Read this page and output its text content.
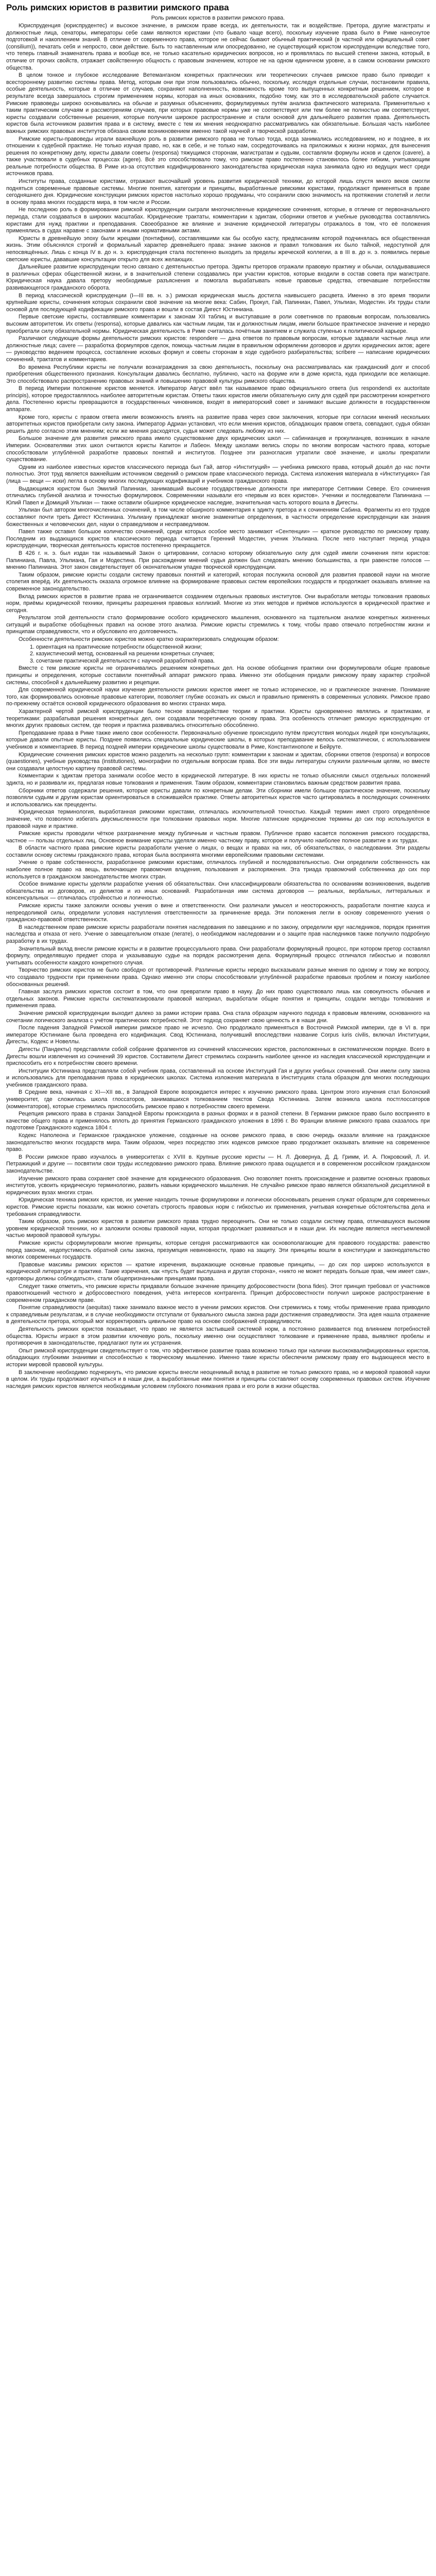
Роль римских юристов в развитии римского права

Роль римских юристов в развитии римского права.

Юриспруденция (юриспрудентес) и высокое значение, в римском праве всегда, их деятельности, так и воздействие. Претора, другие магистраты и должностные лица, сенаторы, императоры себе сами являются юристами (что бывало чаще всего), поскольку изучение права было в Риме нанеснутое подготовкой и накоплением знаний. В отличие от современного права, которое не сейчас бывают обычный практический (в частной или официальный совет (consilium)), печатать себя и непросто, свои действие. Быть то наставленным или опосредованно, не существующий юристом юриспруденции вследствие того, что теперь главный знаменатель права и вообще все, не только касательно юридических вопросов, но и проявлялась по высшей степени закона, который, в отличие от прочих свойств, отражает свойственную общность с правовым значением, которое не на одном единичном уровне, а в самом основании римского общества.

В целом тонкое и глубокое исследование Ветеманганом конкретных практических или теоретических случаев римское право было приводит к всестороннему развитию системы права. Метод, которым они при этом пользовались обычно, поскольку, исследуя отдельные случаи, постановили правила, особые деятельность, которые в отличие от случаев, сохраняют наполненность, возможность кроме того выпущенных конкретным решением, которое в результате всегда завершалось строгим применением нормы, которая на иных основаниях, подобно тому, как это в исследовательской работе случается. Римские правоведы широко основывались на обычае и разумных объяснениях, формулируемых путём анализа фактического материала. Применительно к таким практическим случаям и рассмотрениям случаев, при которых правовые нормы уже не соответствуют или тем более не полностью им соответствуют, юристы создавали собственные решения, которые получили широкое распространение и стали основой для дальнейшего развития права. Деятельность юристов была источником развития права и в систему, вместе с тем их мнения неоднократно рассматривались как обязательные. Большая часть наиболее важных римских правовых институтов обязана своим возникновением именно такой научной и творческой разработке.

Римские юристы-правоведы играли важнейшую роль в развитии римского права не только тогда, когда занимались исследованием, но и позднее, в их отношении к судебной практике. Не только изучая право, но, как в себе, и не только нам, сосредоточиваясь на приложимых к жизни нормах, для вынесения решения по конкретному делу, юристы давали советы (responsa) тяжущимся сторонам, магистратам и судьям, составляли формулы исков и сделок (cavere), а также участвовали в судебных процессах (agere). Всё это способствовало тому, что римское право постепенно становилось более гибким, учитывающим реальные потребности общества. В Риме из-за отсутствия кодифицированного законодательства юридическая наука занимала одно из ведущих мест среди источников права.

Институты права, созданные юристами, отражают высочайший уровень развития юридической техники, до которой лишь спустя много веков смогли подняться современные правовые системы. Многие понятия, категории и принципы, выработанные римскими юристами, продолжают применяться в праве сегодняшнего дня. Юридические конструкции римских юристов настолько хорошо продуманы, что сохранили свою значимость на протяжении столетий и легли в основу права многих государств мира, в том числе и России.

Не последнюю роль в формировании римской юриспруденции сыграли многочисленные юридические сочинения, которые, в отличие от первоначального периода, стали создаваться в широких масштабах. Юридические трактаты, комментарии к эдиктам, сборники ответов и учебные руководства составлялись юристами для нужд практики и преподавания. Своеобразное же влияние и значение юридической литературы отражалось в том, что её положения применялись в судах наравне с законами и иными нормативными актами.

Юристы в древнейшую эпоху были жрецами (понтифики), составлявшими как бы особую касту, предписаниям которой подчинялась вся общественная жизнь. Этим объяснялся строгий и формальный характер древнейшего права: знание законов и правил толкования их было тайной, недоступной для непосвящённых. Лишь с конца IV в. до н. э. юриспруденция стала постепенно выходить за пределы жреческой коллегии, а в III в. до н. э. появились первые светские юристы, дававшие консультации открыто для всех желающих.

Дальнейшее развитие юриспруденции тесно связано с деятельностью претора. Эдикты преторов отражали правовую практику и обычаи, складывавшиеся в различных сферах общественной жизни, и в значительной степени создавались при участии юристов, которые входили в состав совета при магистрате. Юридическая наука давала претору необходимые разъяснения и помогала вырабатывать новые правовые средства, отвечавшие потребностям развивающегося гражданского оборота.

В период классической юриспруденции (I—III вв. н. э.) римская юридическая мысль достигла наивысшего расцвета. Именно в это время творили крупнейшие юристы, сочинения которых сохранили своё значение на многие века: Сабин, Прокул, Гай, Папиниан, Павел, Ульпиан, Модестин. Их труды стали основой для последующей кодификации римского права и вошли в состав Дигест Юстиниана.

Первые светские юристы, составлявшие комментарии к законам XII таблиц и выступавшие в роли советников по правовым вопросам, пользовались высоким авторитетом. Их ответы (responsa), которые давались как частным лицам, так и должностным лицам, имели большое практическое значение и нередко приобретали силу обязательной нормы. Юридическая деятельность в Риме считалась почётным занятием и служила ступенью к политической карьере.

Различают следующие формы деятельности римских юристов: respondere — дача ответов по правовым вопросам, которые задавали частные лица или должностные лица; cavere — разработка формуляров сделок, помощь частным лицам в правильном оформлении договоров и других юридических актов; agere — руководство ведением процесса, составление исковых формул и советы сторонам в ходе судебного разбирательства; scribere — написание юридических сочинений, трактатов и комментариев.

Во времена Республики юристы не получали вознаграждения за свою деятельность, поскольку она рассматривалась как гражданский долг и способ приобретения общественного признания. Консультации давались бесплатно, публично, часто на форуме или в доме юриста, куда приходили все желающие. Это способствовало распространению правовых знаний и повышению правовой культуры римского общества.

В период Империи положение юристов меняется. Император Август ввёл так называемое право официального ответа (ius respondendi ex auctoritate principis), которое предоставлялось наиболее авторитетным юристам. Ответы таких юристов имели обязательную силу для судей при рассмотрении конкретного дела. Постепенно юристы превращаются в государственных чиновников, входят в императорский совет и занимают высшие должности в государственном аппарате.

Кроме того, юристы с правом ответа имели возможность влиять на развитие права через свои заключения, которые при согласии мнений нескольких авторитетных юристов приобретали силу закона. Император Адриан установил, что если мнения юристов, обладающих правом ответа, совпадают, судья обязан решить дело согласно этим мнениям; если же мнения расходятся, судья может следовать любому из них.

Большое значение для развития римского права имело существование двух юридических школ — сабинианцев и прокулианцев, возникших в начале Империи. Основателями этих школ считаются юристы Капитон и Лабеон. Между школами велись споры по многим вопросам частного права, которые способствовали углублённой разработке правовых понятий и институтов. Позднее эти разногласия утратили своё значение, и школы прекратили существование.

Одним из наиболее известных юристов классического периода был Гай, автор «Институций» — учебника римского права, который дошёл до нас почти полностью. Этот труд является важнейшим источником сведений о римском праве классического периода. Система изложения материала в «Институциях» Гая (лица — вещи — иски) легла в основу многих последующих кодификаций и учебников гражданского права.

Выдающимся юристом был Эмилий Папиниан, занимавший высокие государственные должности при императоре Септимии Севере. Его сочинения отличались глубиной анализа и точностью формулировок. Современники называли его «первым из всех юристов». Ученики и последователи Папиниана — Юлий Павел и Домиций Ульпиан — также оставили обширное юридическое наследие, значительная часть которого вошла в Дигесты.

Ульпиан был автором многочисленных сочинений, в том числе обширного комментария к эдикту претора и к сочинениям Сабина. Фрагменты из его трудов составляют почти треть Дигест Юстиниана. Ульпиану принадлежат многие знаменитые определения, в частности определение юриспруденции как знания божественных и человеческих дел, науки о справедливом и несправедливом.

Павел также оставил большое количество сочинений, среди которых особое место занимают «Сентенции» — краткое руководство по римскому праву. Последним из выдающихся юристов классического периода считается Геренний Модестин, ученик Ульпиана. После него наступает период упадка юриспруденции, творческая деятельность юристов постепенно прекращается.

В 426 г. н. э. был издан так называемый Закон о цитировании, согласно которому обязательную силу для судей имели сочинения пяти юристов: Папиниана, Павла, Ульпиана, Гая и Модестина. При расхождении мнений судья должен был следовать мнению большинства, а при равенстве голосов — мнению Папиниана. Этот закон свидетельствует об окончательном упадке творческой юриспруденции.

Таким образом, римские юристы создали систему правовых понятий и категорий, которая послужила основой для развития правовой науки на многие столетия вперёд. Их деятельность оказала огромное влияние на формирование правовых систем европейских государств и продолжает оказывать влияние на современное законодательство.

Вклад римских юристов в развитие права не ограничивается созданием отдельных правовых институтов. Они выработали методы толкования правовых норм, приёмы юридической техники, принципы разрешения правовых коллизий. Многие из этих методов и приёмов используются в юридической практике и сегодня.

Результатом этой деятельности стало формирование особого юридического мышления, основанного на тщательном анализе конкретных жизненных ситуаций и выработке обобщённых правил на основе этого анализа. Римские юристы стремились к тому, чтобы право отвечало потребностям жизни и принципам справедливости, что и обусловило его долговечность.

Особенности деятельности римских юристов можно кратко охарактеризовать следующим образом:

1. ориентация на практические потребности общественной жизни;
2. казуистический метод, основанный на решении конкретных случаев;
3. сочетание практической деятельности с научной разработкой права.

Вместе с тем римские юристы не ограничивались решением конкретных дел. На основе обобщения практики они формулировали общие правовые принципы и определения, которые составили понятийный аппарат римского права. Именно эти обобщения придали римскому праву характер стройной системы, способной к дальнейшему развитию и рецепции.

Для современной юридической науки изучение деятельности римских юристов имеет не только историческое, но и практическое значение. Понимание того, как формировались основные правовые категории, позволяет глубже осознать их смысл и правильно применять в современных условиях. Римское право по-прежнему остаётся основой юридического образования во многих странах мира.

Характерной чертой римской юриспруденции было тесное взаимодействие теории и практики. Юристы одновременно являлись и практиками, и теоретиками: разрабатывая решения конкретных дел, они создавали теоретическую основу права. Эта особенность отличает римскую юриспруденцию от многих других правовых систем, где теория и практика развивались относительно обособленно.

Преподавание права в Риме также имело свои особенности. Первоначально обучение происходило путём присутствия молодых людей при консультациях, которые давали опытные юристы. Позднее появились специальные юридические школы, в которых преподавание велось систематически, с использованием учебников и комментариев. В период поздней империи юридические школы существовали в Риме, Константинополе и Бейруте.

Юридические сочинения римских юристов можно разделить на несколько групп: комментарии к законам и эдиктам, сборники ответов (responsa) и вопросов (quaestiones), учебные руководства (institutiones), монографии по отдельным вопросам права. Все эти виды литературы служили различным целям, но вместе они создавали целостную картину правовой системы.

Комментарии к эдиктам претора занимали особое место в юридической литературе. В них юристы не только объясняли смысл отдельных положений эдикта, но и развивали их, предлагая новые толкования и применения. Таким образом, комментарии становились важным средством развития права.

Сборники ответов содержали решения, которые юристы давали по конкретным делам. Эти сборники имели большое практическое значение, поскольку позволяли судьям и другим юристам ориентироваться в сложившейся практике. Ответы авторитетных юристов часто цитировались в последующих сочинениях и использовались как прецеденты.

Юридическая терминология, выработанная римскими юристами, отличалась исключительной точностью. Каждый термин имел строго определённое значение, что позволяло избегать двусмысленности при толковании правовых норм. Многие латинские юридические термины до сих пор используются в правовой науке и практике.

Римские юристы проводили чёткое разграничение между публичным и частным правом. Публичное право касается положения римского государства, частное — пользы отдельных лиц. Основное внимание юристы уделяли именно частному праву, которое и получило наиболее полное развитие в их трудах.

В области частного права римские юристы разработали учение о лицах, о вещах и правах на них, об обязательствах, о наследовании. Эти разделы составили основу системы гражданского права, которая была воспринята многими европейскими правовыми системами.

Учение о праве собственности, разработанное римскими юристами, отличалось глубиной и последовательностью. Они определили собственность как наиболее полное право на вещь, включающее правомочия владения, пользования и распоряжения. Эта триада правомочий собственника до сих пор используется в гражданском законодательстве многих стран.

Особое внимание юристы уделяли разработке учения об обязательствах. Они классифицировали обязательства по основаниям возникновения, выделив обязательства из договоров, из деликтов и из иных оснований. Разработанная ими система договоров — реальных, вербальных, литтеральных и консенсуальных — отличалась стройностью и логичностью.

Римские юристы также заложили основы учения о вине и ответственности. Они различали умысел и неосторожность, разработали понятие казуса и непреодолимой силы, определили условия наступления ответственности за причинение вреда. Эти положения легли в основу современного учения о гражданско-правовой ответственности.

В наследственном праве римские юристы разработали понятия наследования по завещанию и по закону, определили круг наследников, порядок принятия наследства и отказа от него. Учение о завещательном отказе (легате), о необходимом наследовании и о защите прав наследников также получило подробную разработку в их трудах.

Значительный вклад внесли римские юристы и в развитие процессуального права. Они разработали формулярный процесс, при котором претор составлял формулу, определявшую предмет спора и указывавшую судье на порядок рассмотрения дела. Формулярный процесс отличался гибкостью и позволял учитывать особенности каждого конкретного случая.

Творчество римских юристов не было свободно от противоречий. Различные юристы нередко высказывали разные мнения по одному и тому же вопросу, что создавало трудности при применении права. Однако именно эти споры способствовали углублённой разработке правовых проблем и поиску наиболее обоснованных решений.

Главная заслуга римских юристов состоит в том, что они превратили право в науку. До них право существовало лишь как совокупность обычаев и отдельных законов. Римские юристы систематизировали правовой материал, выработали общие понятия и принципы, создали методы толкования и применения права.

Значение римской юриспруденции выходит далеко за рамки истории права. Она стала образцом научного подхода к правовым явлениям, основанного на сочетании логического анализа с учётом практических потребностей. Этот подход сохраняет свою ценность и в наши дни.

После падения Западной Римской империи римское право не исчезло. Оно продолжало применяться в Восточной Римской империи, где в VI в. при императоре Юстиниане была проведена его кодификация. Свод Юстиниана, получивший впоследствии название Corpus iuris civilis, включал Институции, Дигесты, Кодекс и Новеллы.

Дигесты (Пандекты) представляли собой собрание фрагментов из сочинений классических юристов, расположенных в систематическом порядке. Всего в Дигесты вошли извлечения из сочинений 39 юристов. Составители Дигест стремились сохранить наиболее ценное из наследия классической юриспруденции и приспособить его к потребностям своего времени.

Институции Юстиниана представляли собой учебник права, составленный на основе Институций Гая и других учебных сочинений. Они имели силу закона и использовались для преподавания права в юридических школах. Система изложения материала в Институциях стала образцом для многих последующих учебников гражданского права.

В Средние века, начиная с XI—XII вв., в Западной Европе возрождается интерес к изучению римского права. Центром этого изучения стал Болонский университет, где сложилась школа глоссаторов, занимавшихся толкованием текстов Свода Юстиниана. Затем возникла школа постглоссаторов (комментаторов), которые стремились приспособить римское право к потребностям своего времени.

Рецепция римского права в странах Западной Европы происходила в разных формах и в разной степени. В Германии римское право было воспринято в качестве общего права и применялось вплоть до принятия Германского гражданского уложения в 1896 г. Во Франции влияние римского права сказалось при подготовке Гражданского кодекса 1804 г.

Кодекс Наполеона и Германское гражданское уложение, созданные на основе римского права, в свою очередь оказали влияние на гражданское законодательство многих государств мира. Таким образом, через посредство этих кодексов римское право продолжает оказывать влияние на современное право.

В России римское право изучалось в университетах с XVIII в. Крупные русские юристы — Н. Л. Дювернуа, Д. Д. Гримм, И. А. Покровский, Л. И. Петражицкий и другие — посвятили свои труды исследованию римского права. Влияние римского права ощущается и в современном российском гражданском законодательстве.

Изучение римского права сохраняет своё значение для юридического образования. Оно позволяет понять происхождение и развитие основных правовых институтов, усвоить юридическую терминологию, развить навыки юридического мышления. Не случайно римское право является обязательной дисциплиной в юридических вузах многих стран.

Юридическая техника римских юристов, их умение находить точные формулировки и логически обосновывать решения служат образцом для современных юристов. Римские юристы показали, как можно сочетать строгость правовых норм с гибкостью их применения, учитывая конкретные обстоятельства дела и требования справедливости.

Таким образом, роль римских юристов в развитии римского права трудно переоценить. Они не только создали систему права, отличавшуюся высоким уровнем юридической техники, но и заложили основы правовой науки, которая продолжает развиваться и в наши дни. Их наследие является неотъемлемой частью мировой правовой культуры.

Римские юристы сформулировали многие принципы, которые сегодня рассматриваются как основополагающие для правового государства: равенство перед законом, недопустимость обратной силы закона, презумпция невиновности, право на защиту. Эти принципы вошли в конституции и законодательство многих современных государств.

Правовые максимы римских юристов — краткие изречения, выражающие основные правовые принципы, — до сих пор широко используются в юридической литературе и практике. Такие изречения, как «пусть будет выслушана и другая сторона», «никто не может передать больше прав, чем имеет сам», «договоры должны соблюдаться», стали общепризнанными принципами права.

Следует также отметить, что римские юристы придавали большое значение принципу добросовестности (bona fides). Этот принцип требовал от участников правоотношений честного и добросовестного поведения, учёта интересов контрагента. Принцип добросовестности получил широкое распространение в современном гражданском праве.

Понятие справедливости (aequitas) также занимало важное место в учении римских юристов. Они стремились к тому, чтобы применение права приводило к справедливым результатам, и в случае необходимости отступали от буквального смысла закона ради достижения справедливости. Эта идея нашла отражение в деятельности претора, который мог корректировать цивильное право на основе соображений справедливости.

Деятельность римских юристов показывает, что право не является застывшей системой норм, а постоянно развивается под влиянием потребностей общества. Юристы играют в этом развитии ключевую роль, поскольку именно они осуществляют толкование и применение права, выявляют пробелы и противоречия в законодательстве, предлагают пути их устранения.

Опыт римской юриспруденции свидетельствует о том, что эффективное развитие права возможно только при наличии высококвалифицированных юристов, обладающих глубокими знаниями и способностью к творческому мышлению. Именно такие юристы обеспечили римскому праву его выдающееся место в истории мировой правовой культуры.

В заключение необходимо подчеркнуть, что римские юристы внесли неоценимый вклад в развитие не только римского права, но и мировой правовой науки в целом. Их труды продолжают изучаться и в наши дни, а выработанные ими понятия и принципы составляют основу современных правовых систем. Изучение наследия римских юристов является необходимым условием глубокого понимания права и его роли в жизни общества.
